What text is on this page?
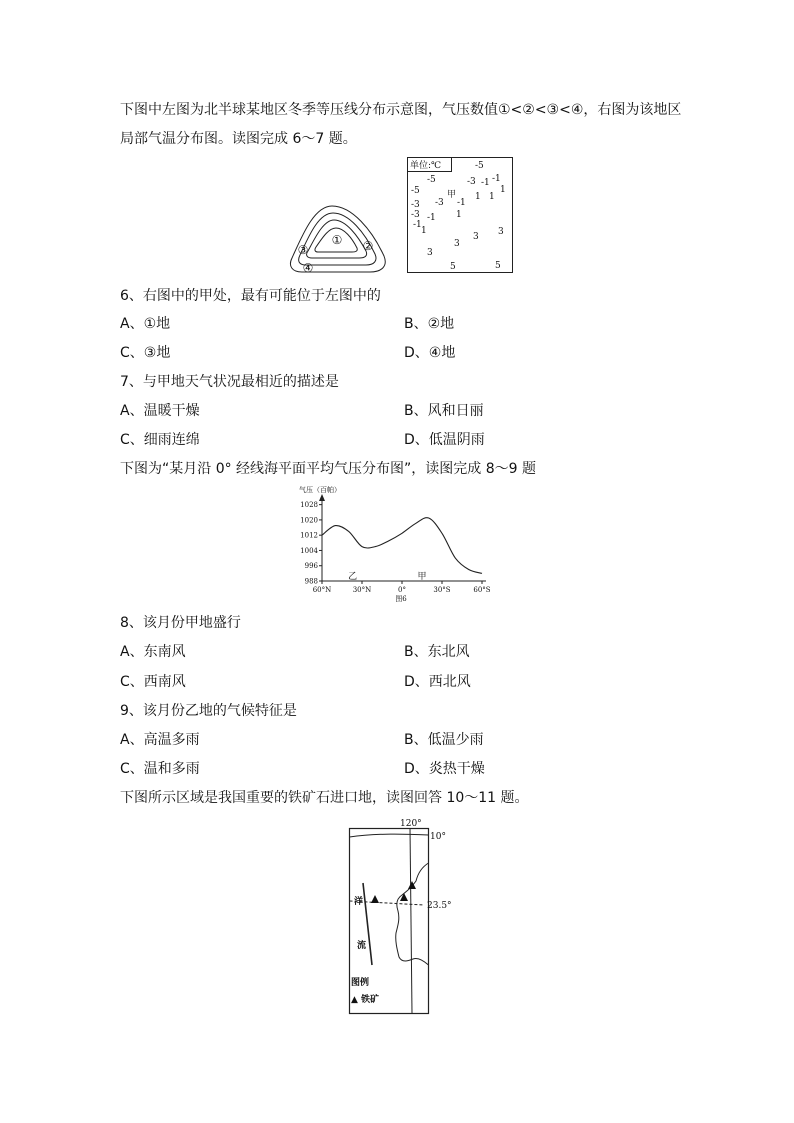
下图中左图为北半球某地区冬季等压线分布示意图，气压数值①<②<③<④，右图为该地区
局部气温分布图。读图完成 6～7 题。
① ②
③
④
单位:℃	-5
-5	-3 -1
-5	1
-1
1
-3
甲
-3 -1
1
-3 -1 1
-1
1	3
3
3
3
5	5
6、右图中的甲处，最有可能位于左图中的
A、①地	B、②地
C、③地	D、④地
7、与甲地天气状况最相近的描述是
A、温暖干燥	B、风和日丽
C、细雨连绵	D、低温阴雨
下图为“某月沿 0° 经线海平面平均气压分布图”，读图完成 8～9 题
气压（百帕）
988
996
1004
1012
1020
1028
60°N	30°N	0°	30°S	60°S
乙	甲
图6
8、该月份甲地盛行
A、东南风	B、东北风
C、西南风	D、西北风
9、该月份乙地的气候特征是
A、高温多雨	B、低温少雨
C、温和多雨	D、炎热干燥
下图所示区域是我国重要的铁矿石进口地，读图回答 10～11 题。
120°
10°
23.5°
洋
流
图例
▲ 铁矿
